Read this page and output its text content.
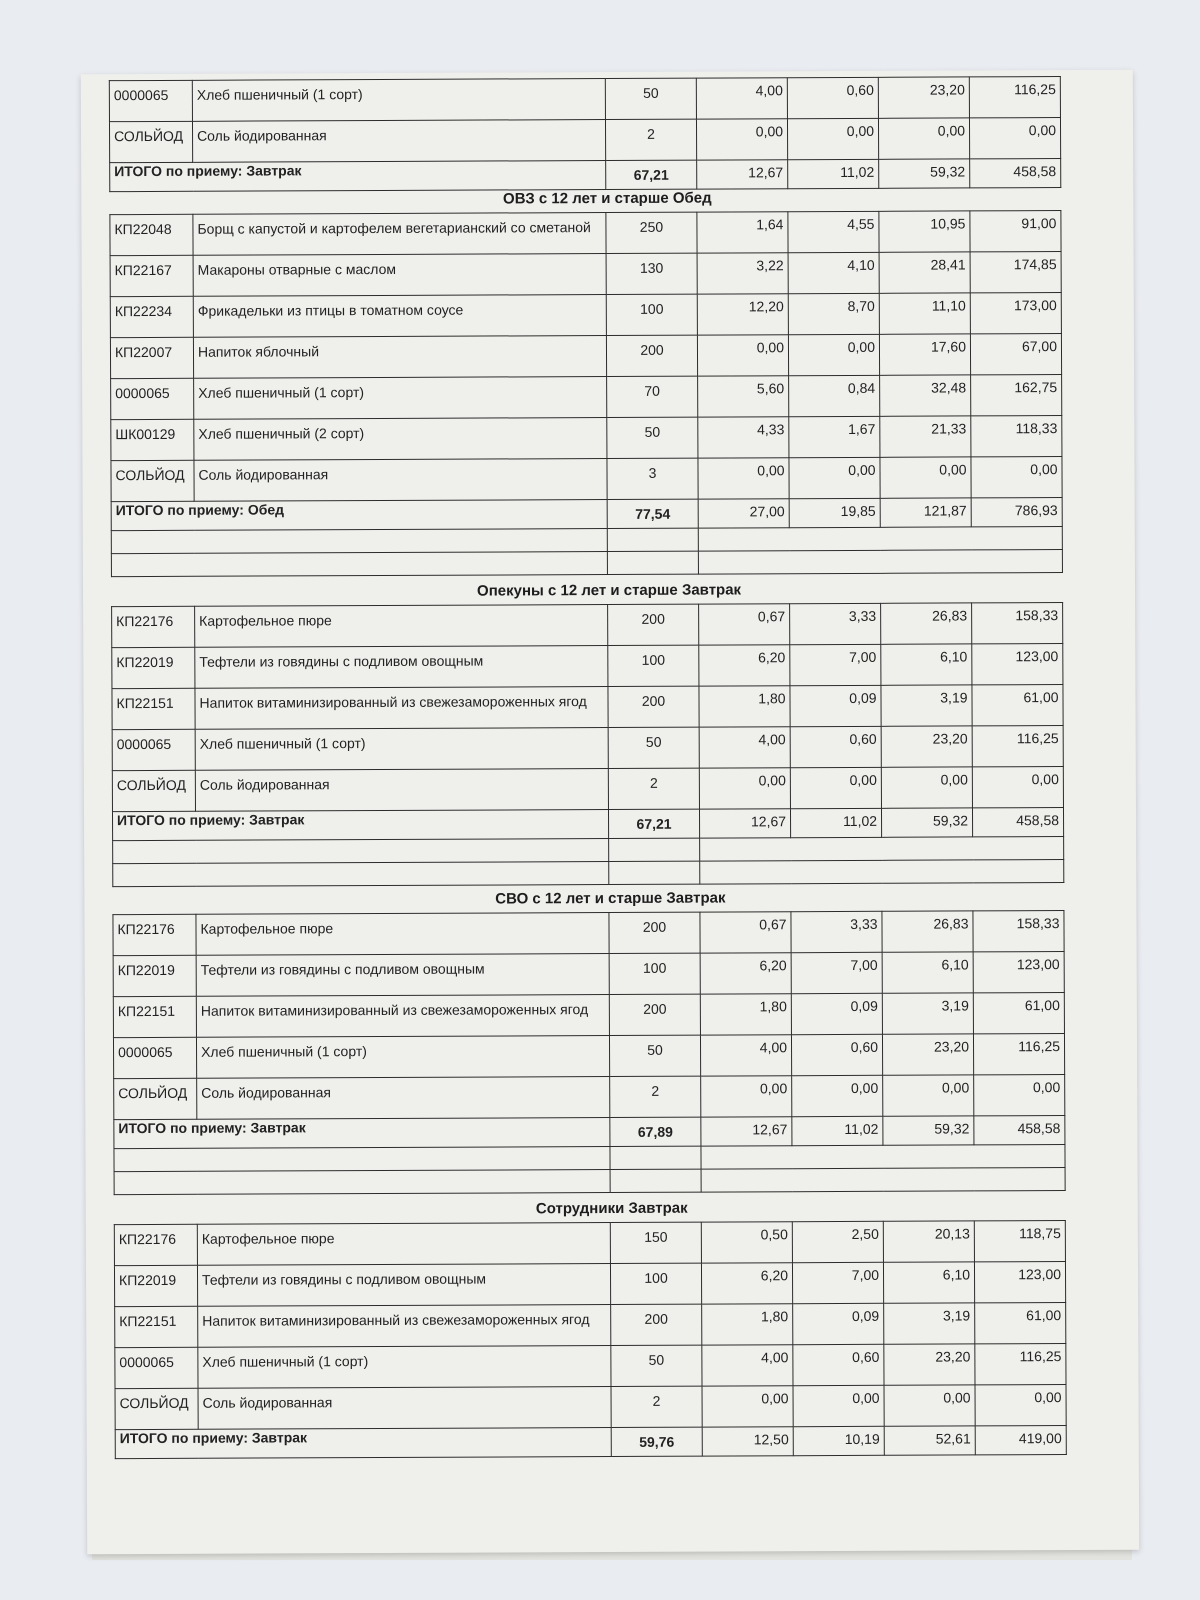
0000065	Хлеб пшеничный (1 сорт)	50	4,00	0,60	23,20	116,25
СОЛЬЙОД	Соль йодированная	2	0,00	0,00	0,00	0,00
ИТОГО по приему: Завтрак		67,21	12,67	11,02	59,32	458,58
ОВЗ с 12 лет и старше Обед
КП22048	Борщ с капустой и картофелем вегетарианский со сметаной	250	1,64	4,55	10,95	91,00
КП22167	Макароны отварные с маслом	130	3,22	4,10	28,41	174,85
КП22234	Фрикадельки из птицы в томатном соусе	100	12,20	8,70	11,10	173,00
КП22007	Напиток яблочный	200	0,00	0,00	17,60	67,00
0000065	Хлеб пшеничный (1 сорт)	70	5,60	0,84	32,48	162,75
ШК00129	Хлеб пшеничный (2 сорт)	50	4,33	1,67	21,33	118,33
СОЛЬЙОД	Соль йодированная	3	0,00	0,00	0,00	0,00
ИТОГО по приему: Обед		77,54	27,00	19,85	121,87	786,93

Опекуны с 12 лет и старше Завтрак
КП22176	Картофельное пюре	200	0,67	3,33	26,83	158,33
КП22019	Тефтели из говядины с подливом овощным	100	6,20	7,00	6,10	123,00
КП22151	Напиток витаминизированный из свежезамороженных ягод	200	1,80	0,09	3,19	61,00
0000065	Хлеб пшеничный (1 сорт)	50	4,00	0,60	23,20	116,25
СОЛЬЙОД	Соль йодированная	2	0,00	0,00	0,00	0,00
ИТОГО по приему: Завтрак		67,21	12,67	11,02	59,32	458,58

СВО с 12 лет и старше Завтрак
КП22176	Картофельное пюре	200	0,67	3,33	26,83	158,33
КП22019	Тефтели из говядины с подливом овощным	100	6,20	7,00	6,10	123,00
КП22151	Напиток витаминизированный из свежезамороженных ягод	200	1,80	0,09	3,19	61,00
0000065	Хлеб пшеничный (1 сорт)	50	4,00	0,60	23,20	116,25
СОЛЬЙОД	Соль йодированная	2	0,00	0,00	0,00	0,00
ИТОГО по приему: Завтрак		67,89	12,67	11,02	59,32	458,58

Сотрудники Завтрак
КП22176	Картофельное пюре	150	0,50	2,50	20,13	118,75
КП22019	Тефтели из говядины с подливом овощным	100	6,20	7,00	6,10	123,00
КП22151	Напиток витаминизированный из свежезамороженных ягод	200	1,80	0,09	3,19	61,00
0000065	Хлеб пшеничный (1 сорт)	50	4,00	0,60	23,20	116,25
СОЛЬЙОД	Соль йодированная	2	0,00	0,00	0,00	0,00
ИТОГО по приему: Завтрак		59,76	12,50	10,19	52,61	419,00
